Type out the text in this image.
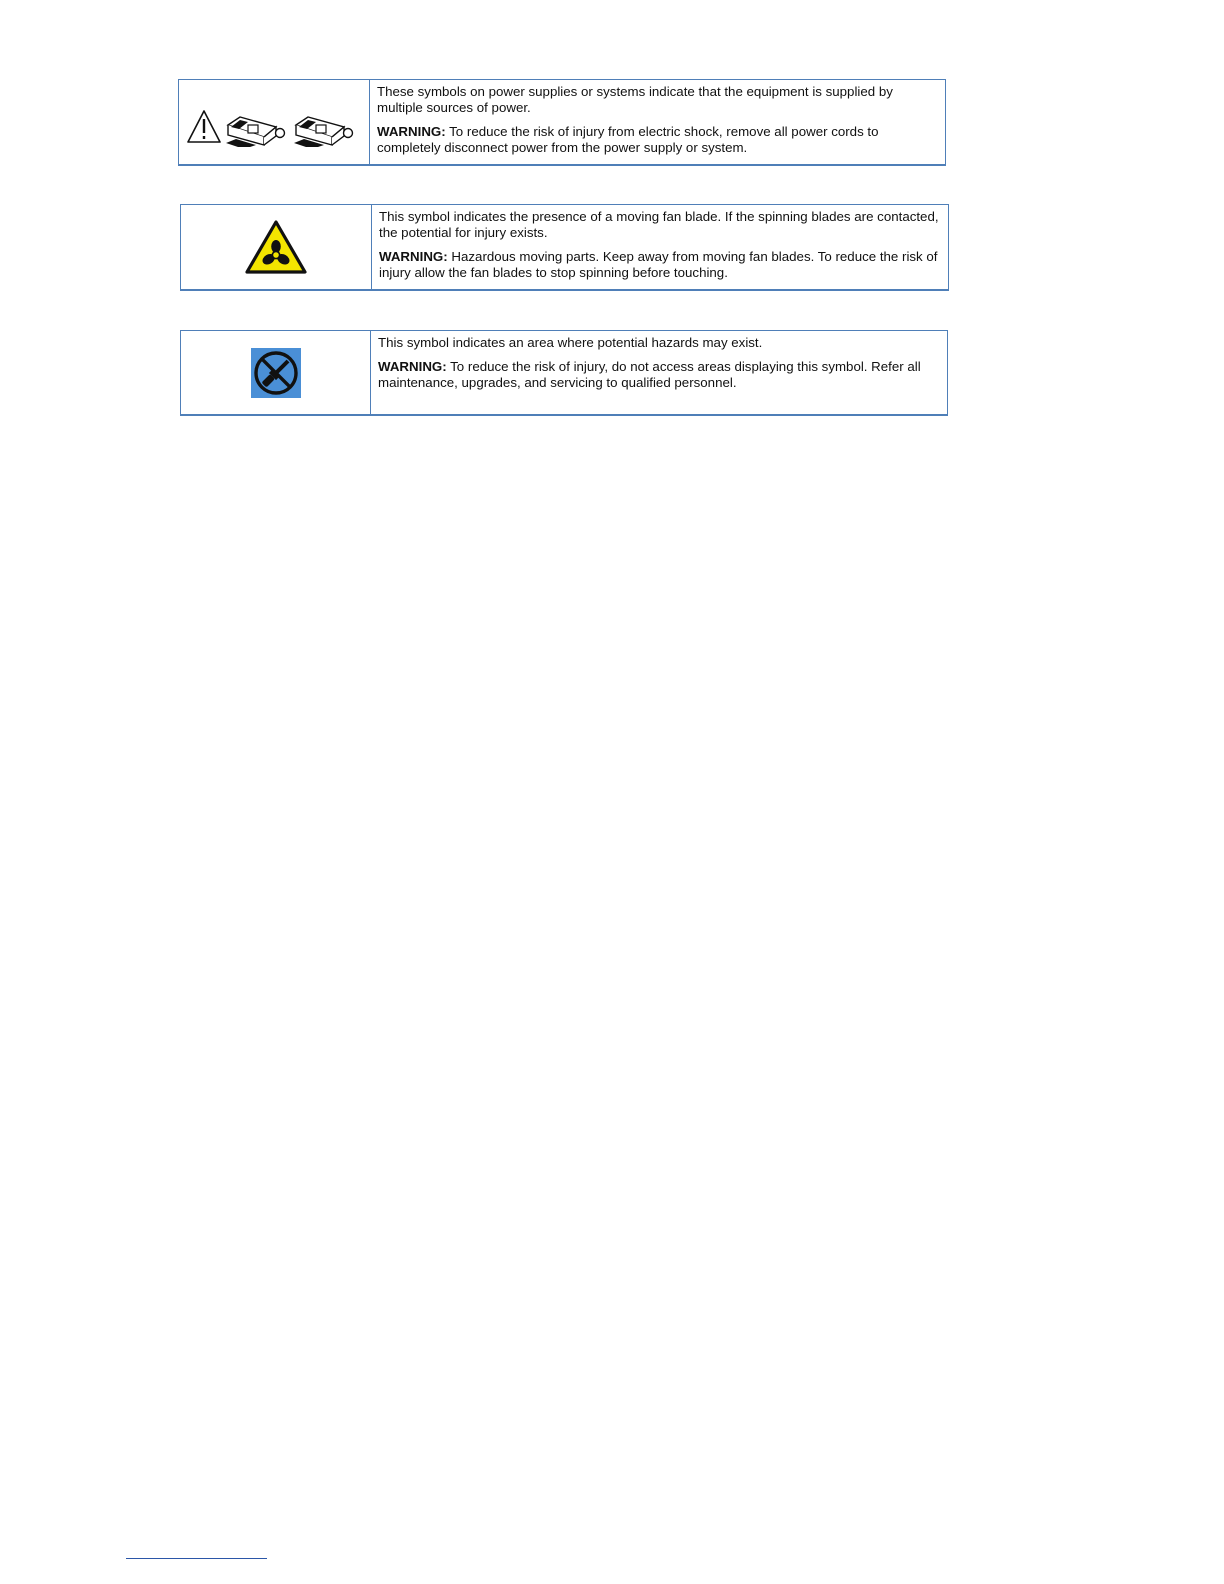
These symbols on power supplies or systems indicate that the equipment is supplied by multiple sources of power.

WARNING: To reduce the risk of injury from electric shock, remove all power cords to completely disconnect power from the power supply or system.

This symbol indicates the presence of a moving fan blade. If the spinning blades are contacted, the potential for injury exists.

WARNING: Hazardous moving parts. Keep away from moving fan blades. To reduce the risk of injury allow the fan blades to stop spinning before touching.

This symbol indicates an area where potential hazards may exist.

WARNING: To reduce the risk of injury, do not access areas displaying this symbol. Refer all maintenance, upgrades, and servicing to qualified personnel.
